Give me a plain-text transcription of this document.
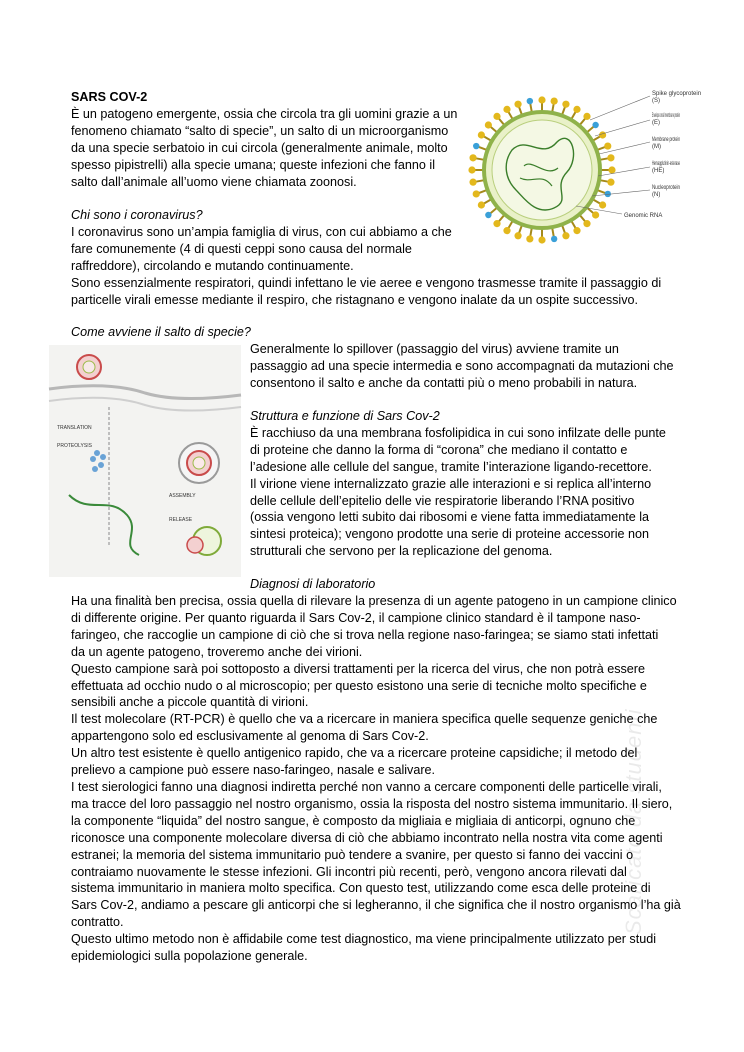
SARS COV-2

È un patogeno emergente, ossia che circola tra gli uomini grazie a un

fenomeno chiamato “salto di specie”, un salto di un microorganismo

da una specie serbatoio in cui circola (generalmente animale, molto

spesso pipistrelli) alla specie umana; queste infezioni che fanno il

salto dall’animale all’uomo viene chiamata zoonosi.

Chi sono i coronavirus?

I coronavirus sono un’ampia famiglia di virus, con cui abbiamo a che

fare comunemente (4 di questi ceppi sono causa del normale

raffreddore), circolando e mutando continuamente.

Sono essenzialmente respiratori, quindi infettano le vie aeree e vengono trasmesse tramite il passaggio di

particelle virali emesse mediante il respiro, che ristagnano e vengono inalate da un ospite successivo.

Come avviene il salto di specie?

Generalmente lo spillover (passaggio del virus) avviene tramite un

passaggio ad una specie intermedia e sono accompagnati da mutazioni che

consentono il salto e anche da contatti più o meno probabili in natura.

Struttura e funzione di Sars Cov-2

È racchiuso da una membrana fosfolipidica in cui sono infilzate delle punte

di proteine che danno la forma di “corona” che mediano il contatto e

l’adesione alle cellule del sangue, tramite l’interazione ligando-recettore.

Il virione viene internalizzato grazie alle interazioni e si replica all’interno

delle cellule dell’epitelio delle vie respiratorie liberando l’RNA positivo

(ossia vengono letti subito dai ribosomi e viene fatta immediatamente la

sintesi proteica); vengono prodotte una serie di proteine accessorie non

strutturali che servono per la replicazione del genoma.

Diagnosi di laboratorio

Ha una finalità ben precisa, ossia quella di rilevare la presenza di un agente patogeno in un campione clinico

di differente origine. Per quanto riguarda il Sars Cov-2, il campione clinico standard è il tampone naso-

faringeo, che raccoglie un campione di ciò che si trova nella regione naso-faringea; se siamo stati infettati

da un agente patogeno, troveremo anche dei virioni.

Questo campione sarà poi sottoposto a diversi trattamenti per la ricerca del virus, che non potrà essere

effettuata ad occhio nudo o al microscopio; per questo esistono una serie di tecniche molto specifiche e

sensibili anche a piccole quantità di virioni.

Il test molecolare (RT-PCR) è quello che va a ricercare in maniera specifica quelle sequenze geniche che

appartengono solo ed esclusivamente al genoma di Sars Cov-2.

Un altro test esistente è quello antigenico rapido, che va a ricercare proteine capsidiche; il metodo del

prelievo a campione può essere naso-faringeo, nasale e salivare.

I test sierologici fanno una diagnosi indiretta perché non vanno a cercare componenti delle particelle virali,

ma tracce del loro passaggio nel nostro organismo, ossia la risposta del nostro sistema immunitario. Il siero,

la componente “liquida” del nostro sangue, è composto da migliaia e migliaia di anticorpi, ognuno che

riconosce una componente molecolare diversa di ciò che abbiamo incontrato nella nostra vita come agenti

estranei; la memoria del sistema immunitario può tendere a svanire, per questo si fanno dei vaccini o

contraiamo nuovamente le stesse infezioni. Gli incontri più recenti, però, vengono ancora rilevati dal

sistema immunitario in maniera molto specifica. Con questo test, utilizzando come esca delle proteine di

Sars Cov-2, andiamo a pescare gli anticorpi che si legheranno, il che significa che il nostro organismo l’ha già

contratto.

Questo ultimo metodo non è affidabile come test diagnostico, ma viene principalmente utilizzato per studi

epidemiologici sulla popolazione generale.

Spike glycoprotein
(S)
Envelope small membrane protein
(E)
Membrane protein
(M)
Hemagglutinin-esterase
(HE)
Nucleoprotein
(N)
Genomic RNA
TRANSLATION
PROTEOLYSIS
ASSEMBLY
RELEASE
Scaricato da studenti
